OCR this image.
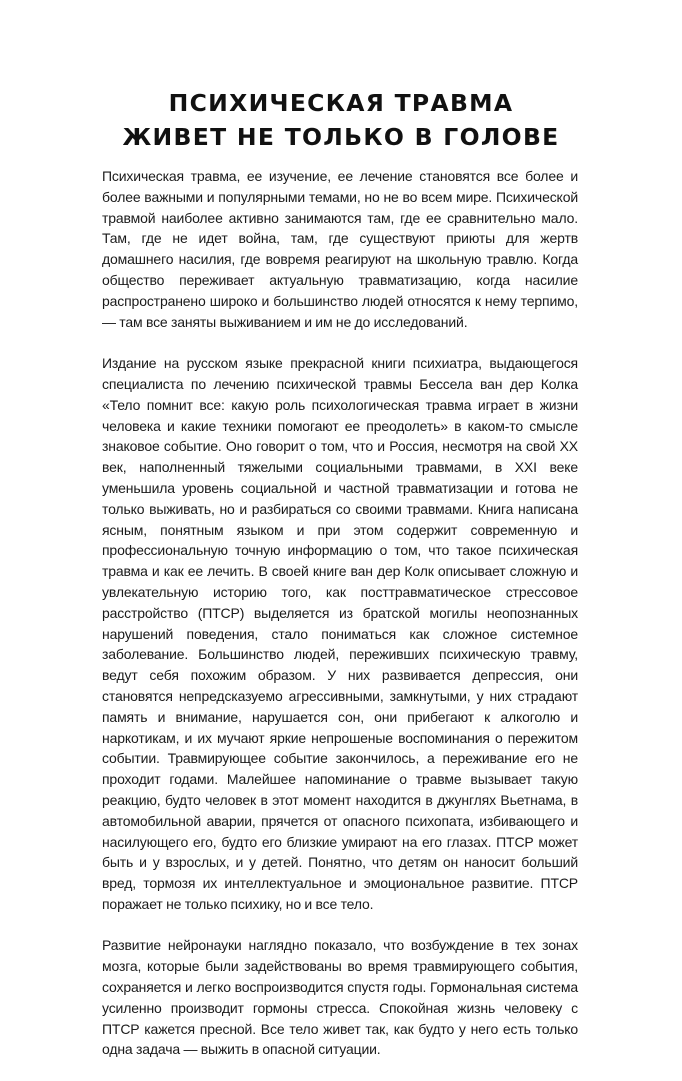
ПСИХИЧЕСКАЯ ТРАВМА
ЖИВЕТ НЕ ТОЛЬКО В ГОЛОВЕ

Психическая травма, ее изучение, ее лечение становятся все более и более важными и популярными темами, но не во всем мире. Психической травмой наиболее активно занимаются там, где ее сравнительно мало. Там, где не идет война, там, где существуют приюты для жертв домашнего насилия, где вовремя реагируют на школьную травлю. Когда общество переживает актуальную травматизацию, когда насилие распространено широко и большинство людей относятся к нему терпимо, — там все заняты выживанием и им не до исследований.

Издание на русском языке прекрасной книги психиатра, выдающегося специалиста по лечению психической травмы Бессела ван дер Колка «Тело помнит все: какую роль психологическая травма играет в жизни человека и какие техники помогают ее преодолеть» в каком-то смысле знаковое событие. Оно говорит о том, что и Россия, несмотря на свой XX век, наполненный тяжелыми социальными травмами, в XXI веке уменьшила уровень социальной и частной травматизации и готова не только выживать, но и разбираться со своими травмами. Книга написана ясным, понятным языком и при этом содержит современную и профессиональную точную информацию о том, что такое психическая травма и как ее лечить. В своей книге ван дер Колк описывает сложную и увлекательную историю того, как посттравматическое стрессовое расстройство (ПТСР) выделяется из братской могилы неопознанных нарушений поведения, стало пониматься как сложное системное заболевание. Большинство людей, переживших психическую травму, ведут себя похожим образом. У них развивается депрессия, они становятся непредсказуемо агрессивными, замкнутыми, у них страдают память и внимание, нарушается сон, они прибегают к алкоголю и наркотикам, и их мучают яркие непрошеные воспоминания о пережитом событии. Травмирующее событие закончилось, а переживание его не проходит годами. Малейшее напоминание о травме вызывает такую реакцию, будто человек в этот момент находится в джунглях Вьетнама, в автомобильной аварии, прячется от опасного психопата, избивающего и насилующего его, будто его близкие умирают на его глазах. ПТСР может быть и у взрослых, и у детей. Понятно, что детям он наносит больший вред, тормозя их интеллектуальное и эмоциональное развитие. ПТСР поражает не только психику, но и все тело.

Развитие нейронауки наглядно показало, что возбуждение в тех зонах мозга, которые были задействованы во время травмирующего события, сохраняется и легко воспроизводится спустя годы. Гормональная система усиленно производит гормоны стресса. Спокойная жизнь человеку с ПТСР кажется пресной. Все тело живет так, как будто у него есть только одна задача — выжить в опасной ситуации.
